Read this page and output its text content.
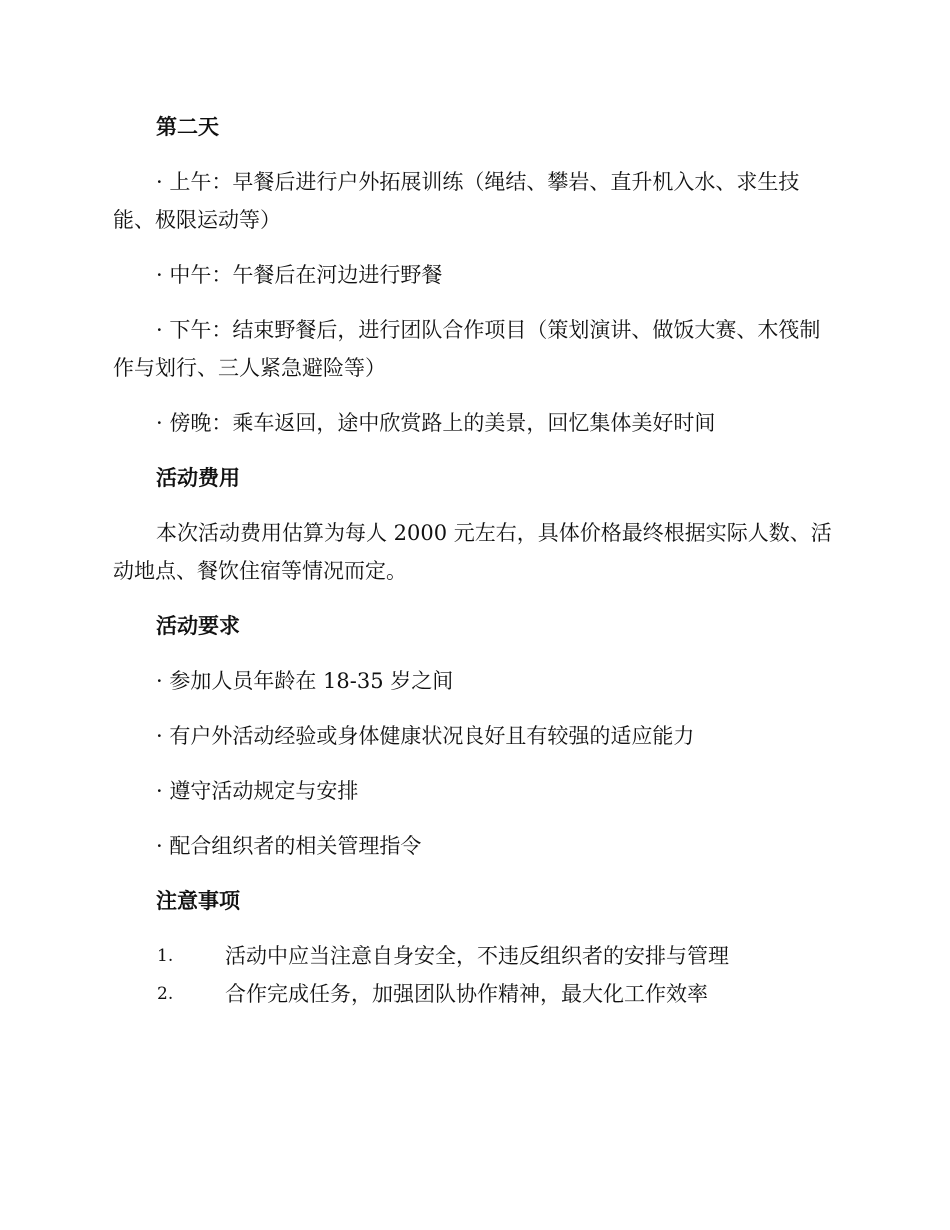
第二天

· 上午：早餐后进行户外拓展训练（绳结、攀岩、直升机入水、求生技能、极限运动等）

· 中午：午餐后在河边进行野餐

· 下午：结束野餐后，进行团队合作项目（策划演讲、做饭大赛、木筏制作与划行、三人紧急避险等）

· 傍晚：乘车返回，途中欣赏路上的美景，回忆集体美好时间

活动费用

本次活动费用估算为每人 2000 元左右，具体价格最终根据实际人数、活动地点、餐饮住宿等情况而定。

活动要求

· 参加人员年龄在 18-35 岁之间

· 有户外活动经验或身体健康状况良好且有较强的适应能力

· 遵守活动规定与安排

· 配合组织者的相关管理指令

注意事项
1.	活动中应当注意自身安全，不违反组织者的安排与管理
2.	合作完成任务，加强团队协作精神，最大化工作效率
